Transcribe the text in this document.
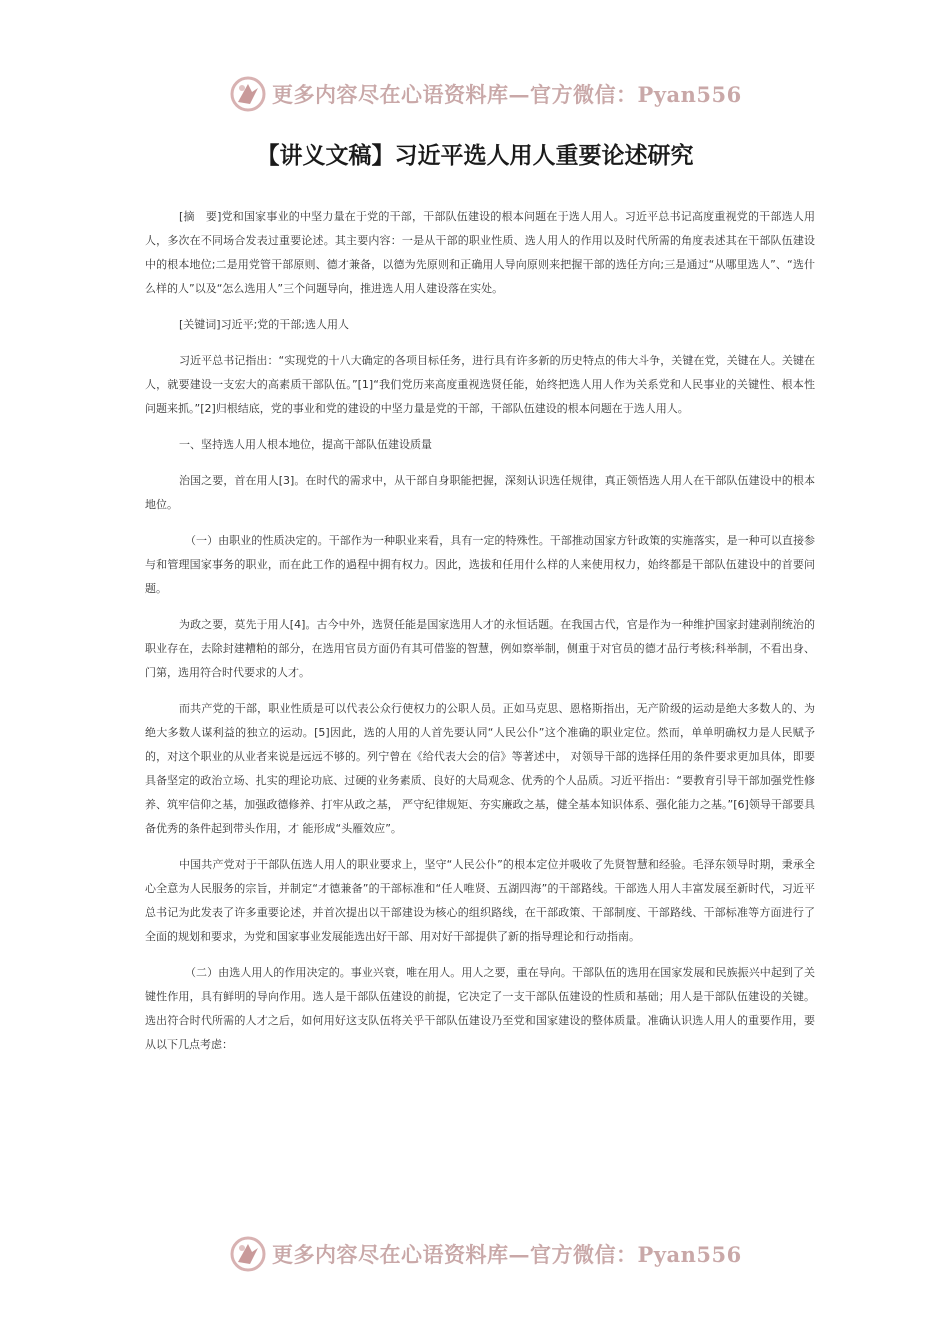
更多内容尽在心语资料库—官方微信：Pyan556
【讲义文稿】习近平选人用人重要论述研究

[摘　要]党和国家事业的中坚力量在于党的干部，干部队伍建设的根本问题在于选人用人。习近平总书记高度重视党的干部选人用人，多次在不同场合发表过重要论述。其主要内容：一是从干部的职业性质、选人用人的作用以及时代所需的角度表述其在干部队伍建设中的根本地位;二是用党管干部原则、德才兼备，以德为先原则和正确用人导向原则来把握干部的选任方向;三是通过“从哪里选人”、“选什么样的人”以及“怎么选用人”三个问题导向，推进选人用人建设落在实处。

[关键词]习近平;党的干部;选人用人

习近平总书记指出：“实现党的十八大确定的各项目标任务，进行具有许多新的历史特点的伟大斗争，关键在党，关键在人。关键在人，就要建设一支宏大的高素质干部队伍。”[1]“我们党历来高度重视选贤任能，始终把选人用人作为关系党和人民事业的关键性、根本性问题来抓。”[2]归根结底，党的事业和党的建设的中坚力量是党的干部，干部队伍建设的根本问题在于选人用人。

一、坚持选人用人根本地位，提高干部队伍建设质量

治国之要，首在用人[3]。在时代的需求中，从干部自身职能把握，深刻认识选任规律，真正领悟选人用人在干部队伍建设中的根本地位。

（一）由职业的性质决定的。干部作为一种职业来看，具有一定的特殊性。干部推动国家方针政策的实施落实，是一种可以直接参与和管理国家事务的职业，而在此工作的過程中拥有权力。因此，选拔和任用什么样的人来使用权力，始终都是干部队伍建设中的首要问题。

为政之要，莫先于用人[4]。古今中外，选贤任能是国家选用人才的永恒话题。在我国古代，官是作为一种维护国家封建剥削统治的职业存在，去除封建糟粕的部分，在选用官员方面仍有其可借鉴的智慧，例如察举制，侧重于对官员的德才品行考核;科举制，不看出身、门第，选用符合时代要求的人才。

而共产党的干部，职业性质是可以代表公众行使权力的公职人员。正如马克思、恩格斯指出，无产阶级的运动是绝大多数人的、为绝大多数人谋利益的独立的运动。[5]因此，选的人用的人首先要认同“人民公仆”这个准确的职业定位。然而，单单明确权力是人民赋予的，对这个职业的从业者来说是远远不够的。列宁曾在《给代表大会的信》等著述中， 对领导干部的选择任用的条件要求更加具体，即要具备坚定的政治立场、扎实的理论功底、过硬的业务素质、良好的大局观念、优秀的个人品质。习近平指出：“要教育引导干部加强党性修养、筑牢信仰之基，加强政德修养、打牢从政之基， 严守纪律规矩、夯实廉政之基，健全基本知识体系、强化能力之基。”[6]领导干部要具备优秀的条件起到带头作用，才 能形成“头雁效应”。

中国共产党对于干部队伍选人用人的职业要求上，坚守“人民公仆”的根本定位并吸收了先贤智慧和经验。毛泽东领导时期，秉承全心全意为人民服务的宗旨，并制定“才德兼备”的干部标准和“任人唯贤、五湖四海”的干部路线。干部选人用人丰富发展至新时代，习近平总书记为此发表了许多重要论述，并首次提出以干部建设为核心的组织路线，在干部政策、干部制度、干部路线、干部标准等方面进行了全面的规划和要求，为党和国家事业发展能选出好干部、用对好干部提供了新的指导理论和行动指南。

（二）由选人用人的作用决定的。事业兴衰，唯在用人。用人之要，重在导向。干部队伍的选用在国家发展和民族振兴中起到了关键性作用，具有鲜明的导向作用。选人是干部队伍建设的前提，它决定了一支干部队伍建设的性质和基础；用人是干部队伍建设的关键。选出符合时代所需的人才之后，如何用好这支队伍将关乎干部队伍建设乃至党和国家建设的整体质量。准确认识选人用人的重要作用，要从以下几点考虑：

更多内容尽在心语资料库—官方微信：Pyan556
